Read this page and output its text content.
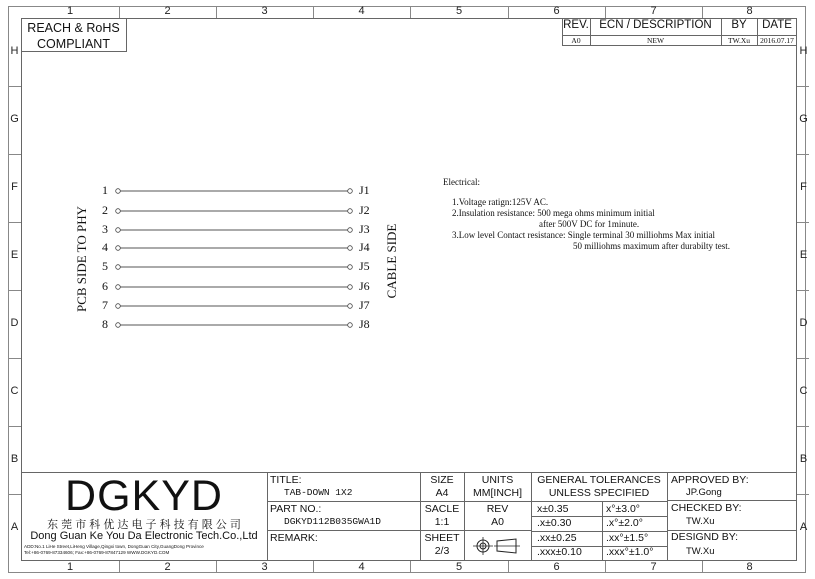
1
1
2
2
3
3
4
4
5
5
6
6
7
7
8
8
H	H
G	G
F	F
E	E
D	D
C	C
B	B
A	A
REACH & RoHS
COMPLIANT
REV. ECN / DESCRIPTION	BY	DATE
A0	NEW	TW.Xu	2016.07.17
1	J1
2	J2
3	J3
4	J4
5	J5
6	J6
7	J7
8	J8
PCB SIDE TO PHY	CABLE SIDE
Electrical:
1.Voltage ratign:125V AC.
2.Insulation resistance: 500 mega ohms minimum initial
after 500V DC for 1minute.
3.Low level Contact resistance: Single terminal 30 milliohms Max initial
50 milliohms maximum after durabilty test.
DGKYD
东 莞 市 科 优 达 电 子 科 技 有 限 公 司
Dong Guan Ke You Da Electronic Tech.Co.,Ltd
ADD:No.1 LiHe Street,LiHeng Village,Qingxi town, DongGuan City,GuangDong Province
Tel:+86-0769-87334606; Fax:+86-0769-87847129 WWW.DGKYD.COM
TITLE:
TAB-DOWN 1X2
PART NO.:
DGKYD112B035GWA1D
REMARK:
SIZE
A4
SACLE
1:1
SHEET
2/3
UNITS
MM[INCH]
REV
A0
GENERAL TOLERANCES
UNLESS SPECIFIED
x±0.35	x°±3.0°
.x±0.30	.x°±2.0°
.xx±0.25	.xx°±1.5°
.xxx±0.10 .xxx°±1.0°
APPROVED BY:
JP.Gong
CHECKED BY:
TW.Xu
DESIGND BY:
TW.Xu
